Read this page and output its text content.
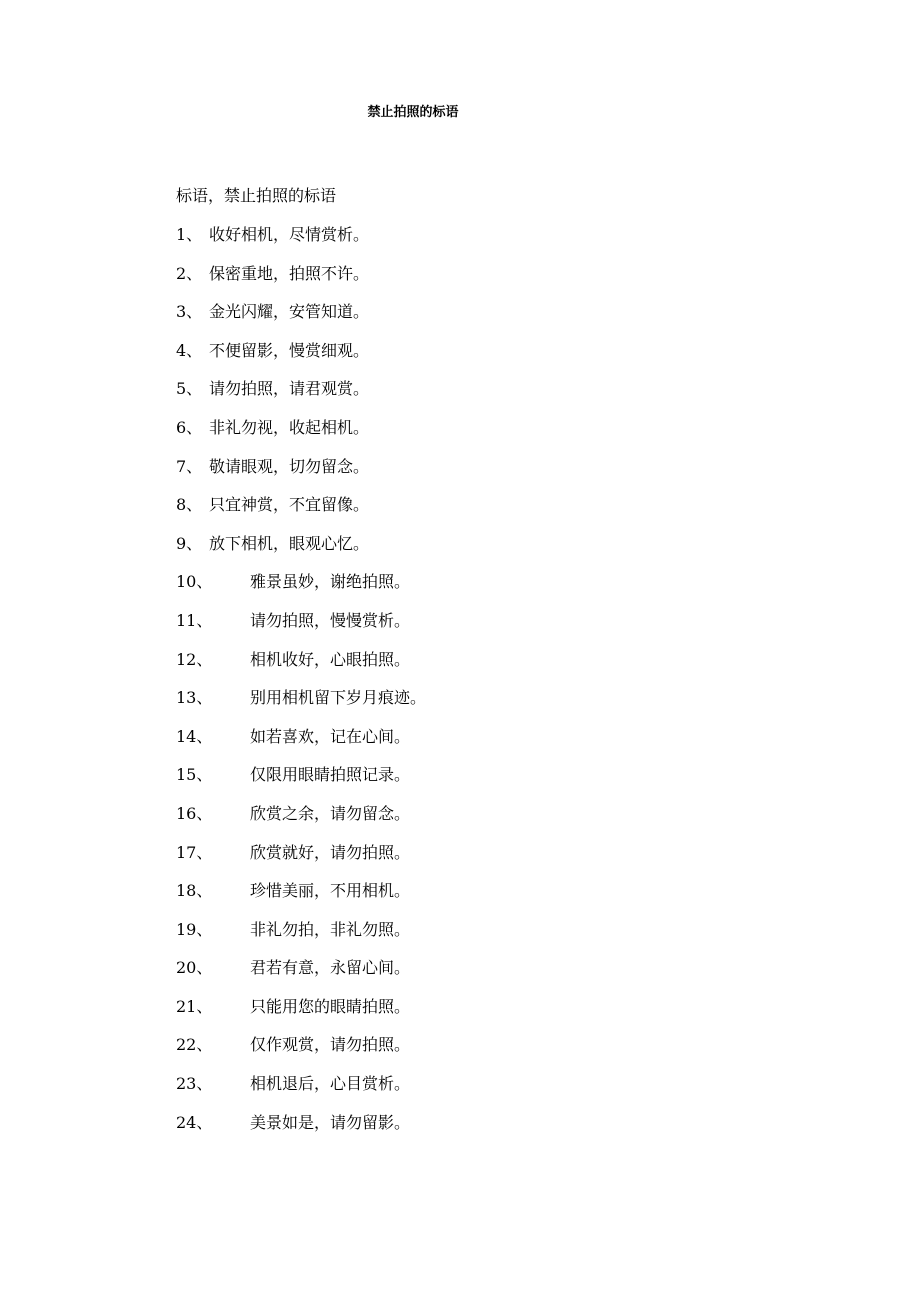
禁止拍照的标语

标语，禁止拍照的标语

1、 收好相机，尽情赏析。
2、 保密重地，拍照不许。
3、 金光闪耀，安管知道。
4、 不便留影，慢赏细观。
5、 请勿拍照，请君观赏。
6、 非礼勿视，收起相机。
7、 敬请眼观，切勿留念。
8、 只宜神赏，不宜留像。
9、 放下相机，眼观心忆。
10、	雅景虽妙，谢绝拍照。
11、	请勿拍照，慢慢赏析。
12、	相机收好，心眼拍照。
13、	别用相机留下岁月痕迹。
14、	如若喜欢，记在心间。
15、	仅限用眼睛拍照记录。
16、	欣赏之余，请勿留念。
17、	欣赏就好，请勿拍照。
18、	珍惜美丽，不用相机。
19、	非礼勿拍，非礼勿照。
20、	君若有意，永留心间。
21、	只能用您的眼睛拍照。
22、	仅作观赏，请勿拍照。
23、	相机退后，心目赏析。
24、	美景如是，请勿留影。
